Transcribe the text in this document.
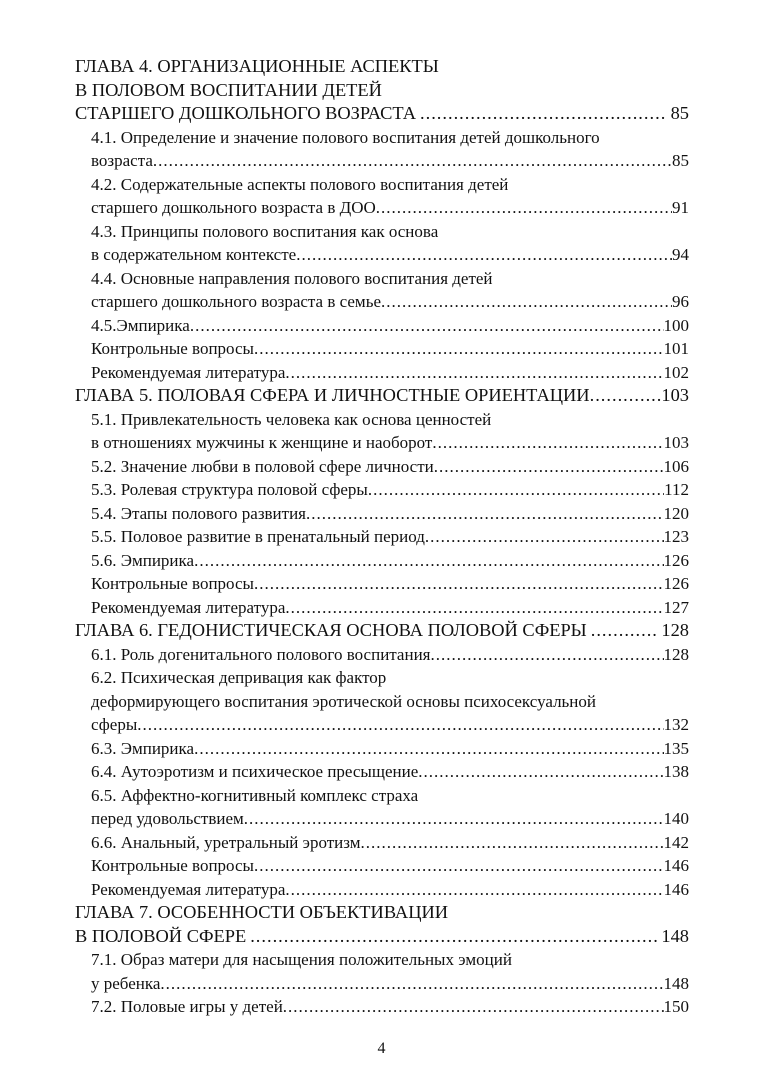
ГЛАВА 4. ОРГАНИЗАЦИОННЫЕ АСПЕКТЫ
В ПОЛОВОМ ВОСПИТАНИИ ДЕТЕЙ
СТАРШЕГО ДОШКОЛЬНОГО ВОЗРАСТА .....	85
4.1. Определение и значение полового воспитания детей дошкольного
возраста .....	85
4.2. Содержательные аспекты полового воспитания детей
старшего дошкольного возраста в ДОО .....	91
4.3. Принципы полового воспитания как основа
в содержательном контексте .....	94
4.4. Основные направления полового воспитания детей
старшего дошкольного возраста в семье .....	96
4.5.Эмпирика .....	100
Контрольные вопросы .....	101
Рекомендуемая литература .....	102
ГЛАВА 5. ПОЛОВАЯ СФЕРА И ЛИЧНОСТНЫЕ ОРИЕНТАЦИИ .....	103
5.1. Привлекательность человека как основа ценностей
в отношениях мужчины к женщине и наоборот .....	103
5.2. Значение любви в половой сфере личности .....	106
5.3. Ролевая структура половой сферы .....	112
5.4. Этапы полового развития .....	120
5.5. Половое развитие в пренатальный период .....	123
5.6. Эмпирика .....	126
Контрольные вопросы .....	126
Рекомендуемая литература .....	127
ГЛАВА 6. ГЕДОНИСТИЧЕСКАЯ ОСНОВА ПОЛОВОЙ СФЕРЫ .....	128
6.1. Роль догенитального полового воспитания .....	128
6.2. Психическая депривация как фактор
деформирующего воспитания эротической основы психосексуальной
сферы .....	132
6.3. Эмпирика .....	135
6.4. Аутоэротизм и психическое пресыщение .....	138
6.5. Аффектно-когнитивный комплекс страха
перед удовольствием .....	140
6.6. Анальный, уретральный эротизм .....	142
Контрольные вопросы .....	146
Рекомендуемая литература .....	146
ГЛАВА 7. ОСОБЕННОСТИ ОБЪЕКТИВАЦИИ
В ПОЛОВОЙ СФЕРЕ .....	148
7.1. Образ матери для насыщения положительных эмоций
у ребенка .....	148
7.2. Половые игры у детей .....	150
4
